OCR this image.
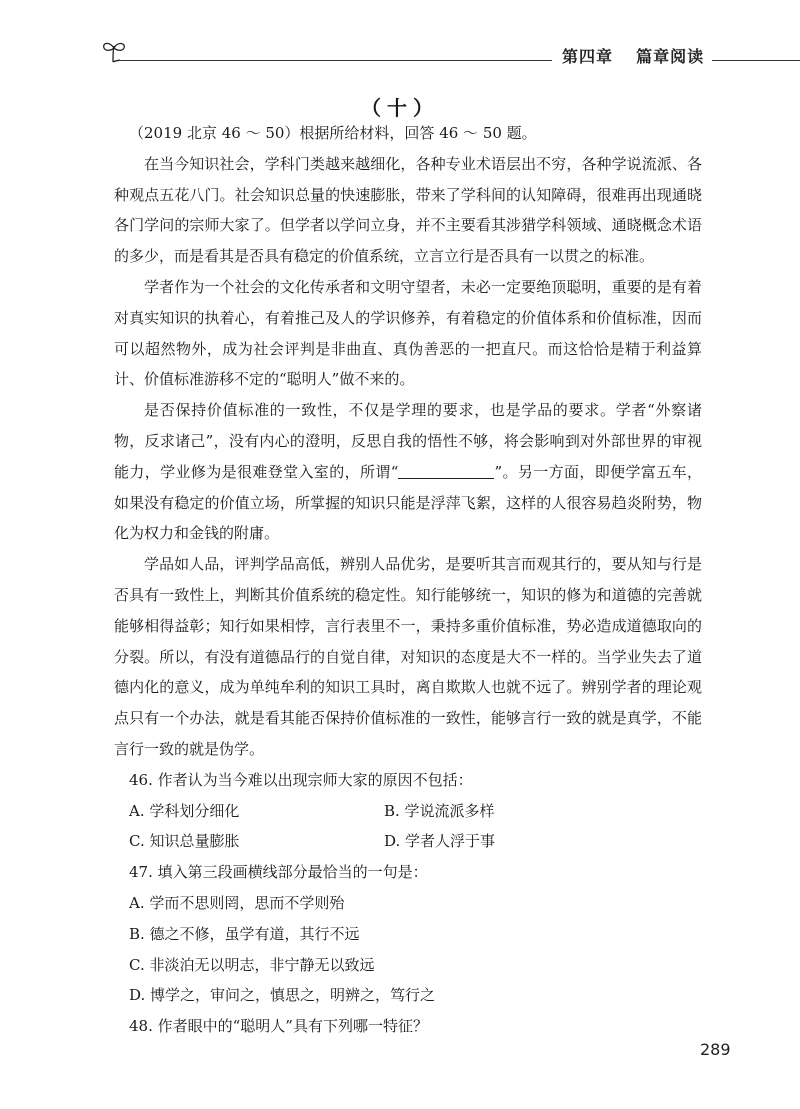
第四章 篇章阅读
（十）

（2019 北京 46 ～ 50）根据所给材料，回答 46 ～ 50 题。

在当今知识社会，学科门类越来越细化，各种专业术语层出不穷，各种学说流派、各种观点五花八门。社会知识总量的快速膨胀，带来了学科间的认知障碍，很难再出现通晓各门学问的宗师大家了。但学者以学问立身，并不主要看其涉猎学科领域、通晓概念术语的多少，而是看其是否具有稳定的价值系统，立言立行是否具有一以贯之的标准。

学者作为一个社会的文化传承者和文明守望者，未必一定要绝顶聪明，重要的是有着对真实知识的执着心，有着推己及人的学识修养，有着稳定的价值体系和价值标准，因而可以超然物外，成为社会评判是非曲直、真伪善恶的一把直尺。而这恰恰是精于利益算计、价值标准游移不定的“聪明人”做不来的。

是否保持价值标准的一致性，不仅是学理的要求，也是学品的要求。学者“外察诸物，反求诸己”，没有内心的澄明，反思自我的悟性不够，将会影响到对外部世界的审视能力，学业修为是很难登堂入室的，所谓“	”。另一方面，即便学富五车，如果没有稳定的价值立场，所掌握的知识只能是浮萍飞絮，这样的人很容易趋炎附势，物化为权力和金钱的附庸。

学品如人品，评判学品高低，辨别人品优劣，是要听其言而观其行的，要从知与行是否具有一致性上，判断其价值系统的稳定性。知行能够统一，知识的修为和道德的完善就能够相得益彰；知行如果相悖，言行表里不一，秉持多重价值标准，势必造成道德取向的分裂。所以，有没有道德品行的自觉自律，对知识的态度是大不一样的。当学业失去了道德内化的意义，成为单纯牟利的知识工具时，离自欺欺人也就不远了。辨别学者的理论观点只有一个办法，就是看其能否保持价值标准的一致性，能够言行一致的就是真学，不能言行一致的就是伪学。

46. 作者认为当今难以出现宗师大家的原因不包括：

A. 学科划分细化	B. 学说流派多样
C. 知识总量膨胀	D. 学者人浮于事

47. 填入第三段画横线部分最恰当的一句是：

A. 学而不思则罔，思而不学则殆

B. 德之不修，虽学有道，其行不远

C. 非淡泊无以明志，非宁静无以致远

D. 博学之，审问之，慎思之，明辨之，笃行之

48. 作者眼中的“聪明人”具有下列哪一特征？

289
